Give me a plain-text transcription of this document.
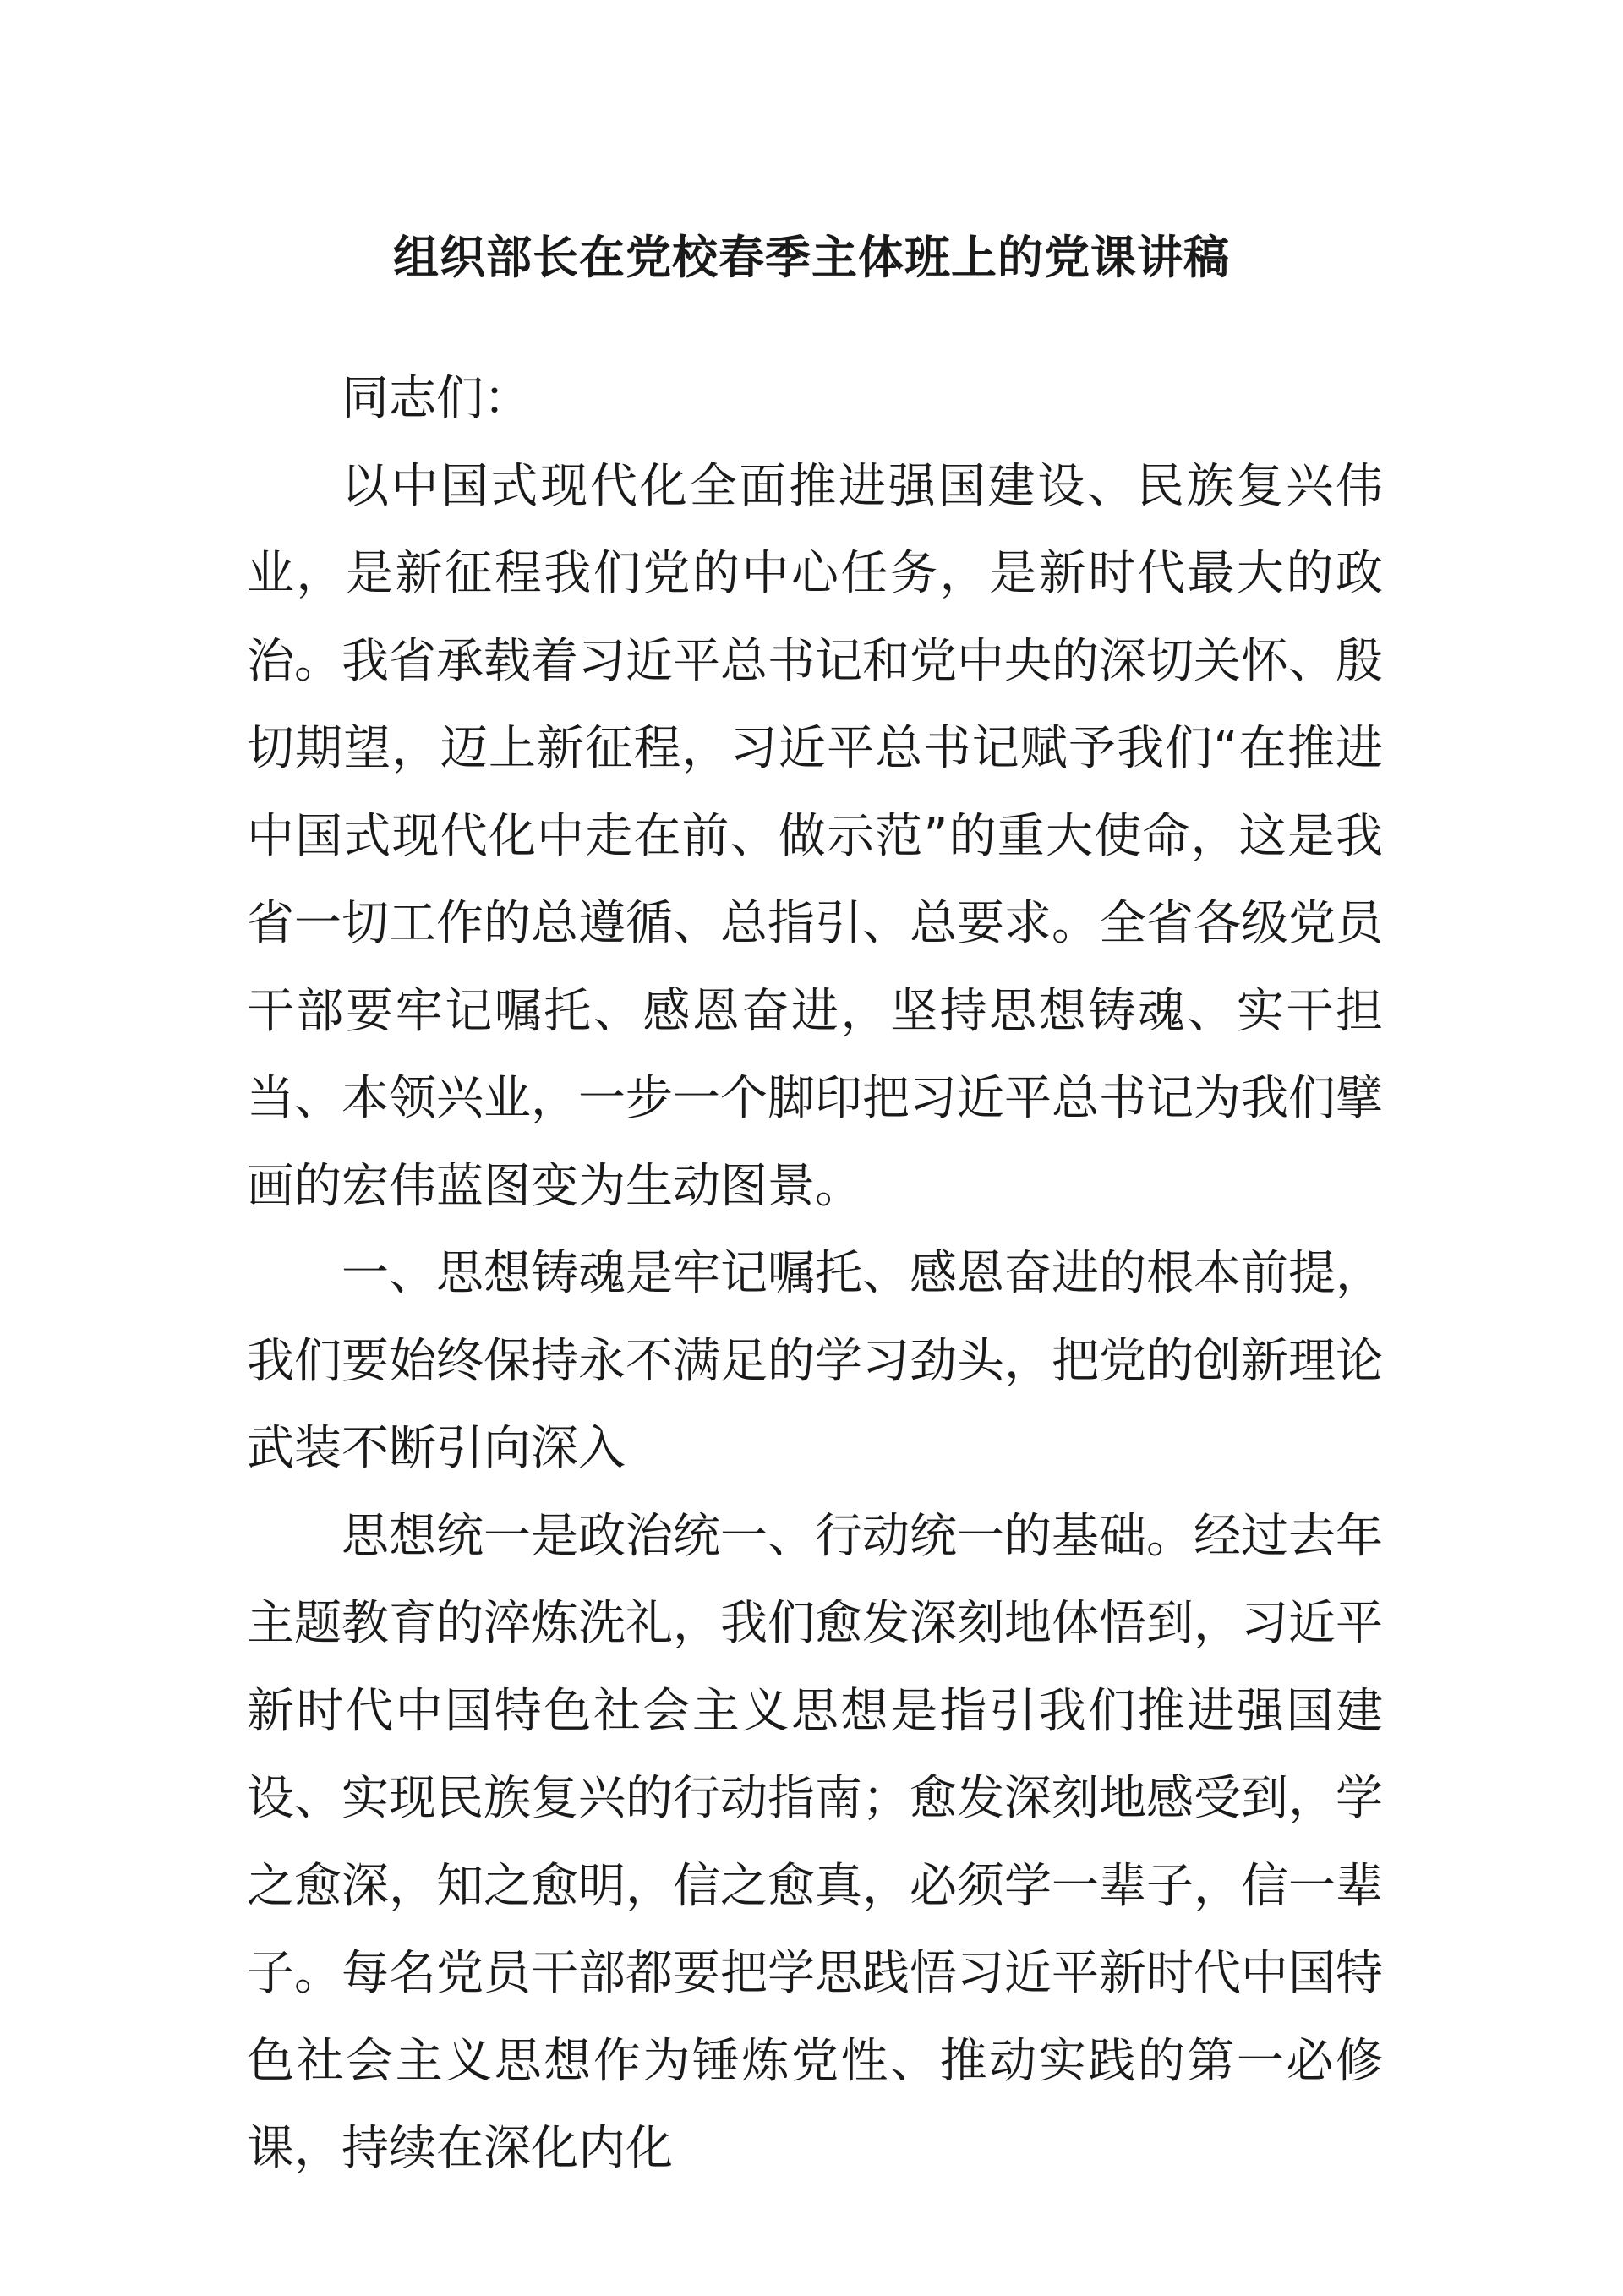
组织部长在党校春季主体班上的党课讲稿

同志们：

以中国式现代化全面推进强国建设、民族复兴伟业，是新征程我们党的中心任务，是新时代最大的政治。我省承载着习近平总书记和党中央的深切关怀、殷切期望，迈上新征程，习近平总书记赋予我们“在推进中国式现代化中走在前、做示范”的重大使命，这是我省一切工作的总遵循、总指引、总要求。全省各级党员干部要牢记嘱托、感恩奋进，坚持思想铸魂、实干担当、本领兴业，一步一个脚印把习近平总书记为我们擘画的宏伟蓝图变为生动图景。

一、思想铸魂是牢记嘱托、感恩奋进的根本前提，我们要始终保持永不满足的学习劲头，把党的创新理论武装不断引向深入

思想统一是政治统一、行动统一的基础。经过去年主题教育的淬炼洗礼，我们愈发深刻地体悟到，习近平新时代中国特色社会主义思想是指引我们推进强国建设、实现民族复兴的行动指南；愈发深刻地感受到，学之愈深，知之愈明，信之愈真，必须学一辈子，信一辈子。每名党员干部都要把学思践悟习近平新时代中国特色社会主义思想作为锤炼党性、推动实践的第一必修课，持续在深化内化
